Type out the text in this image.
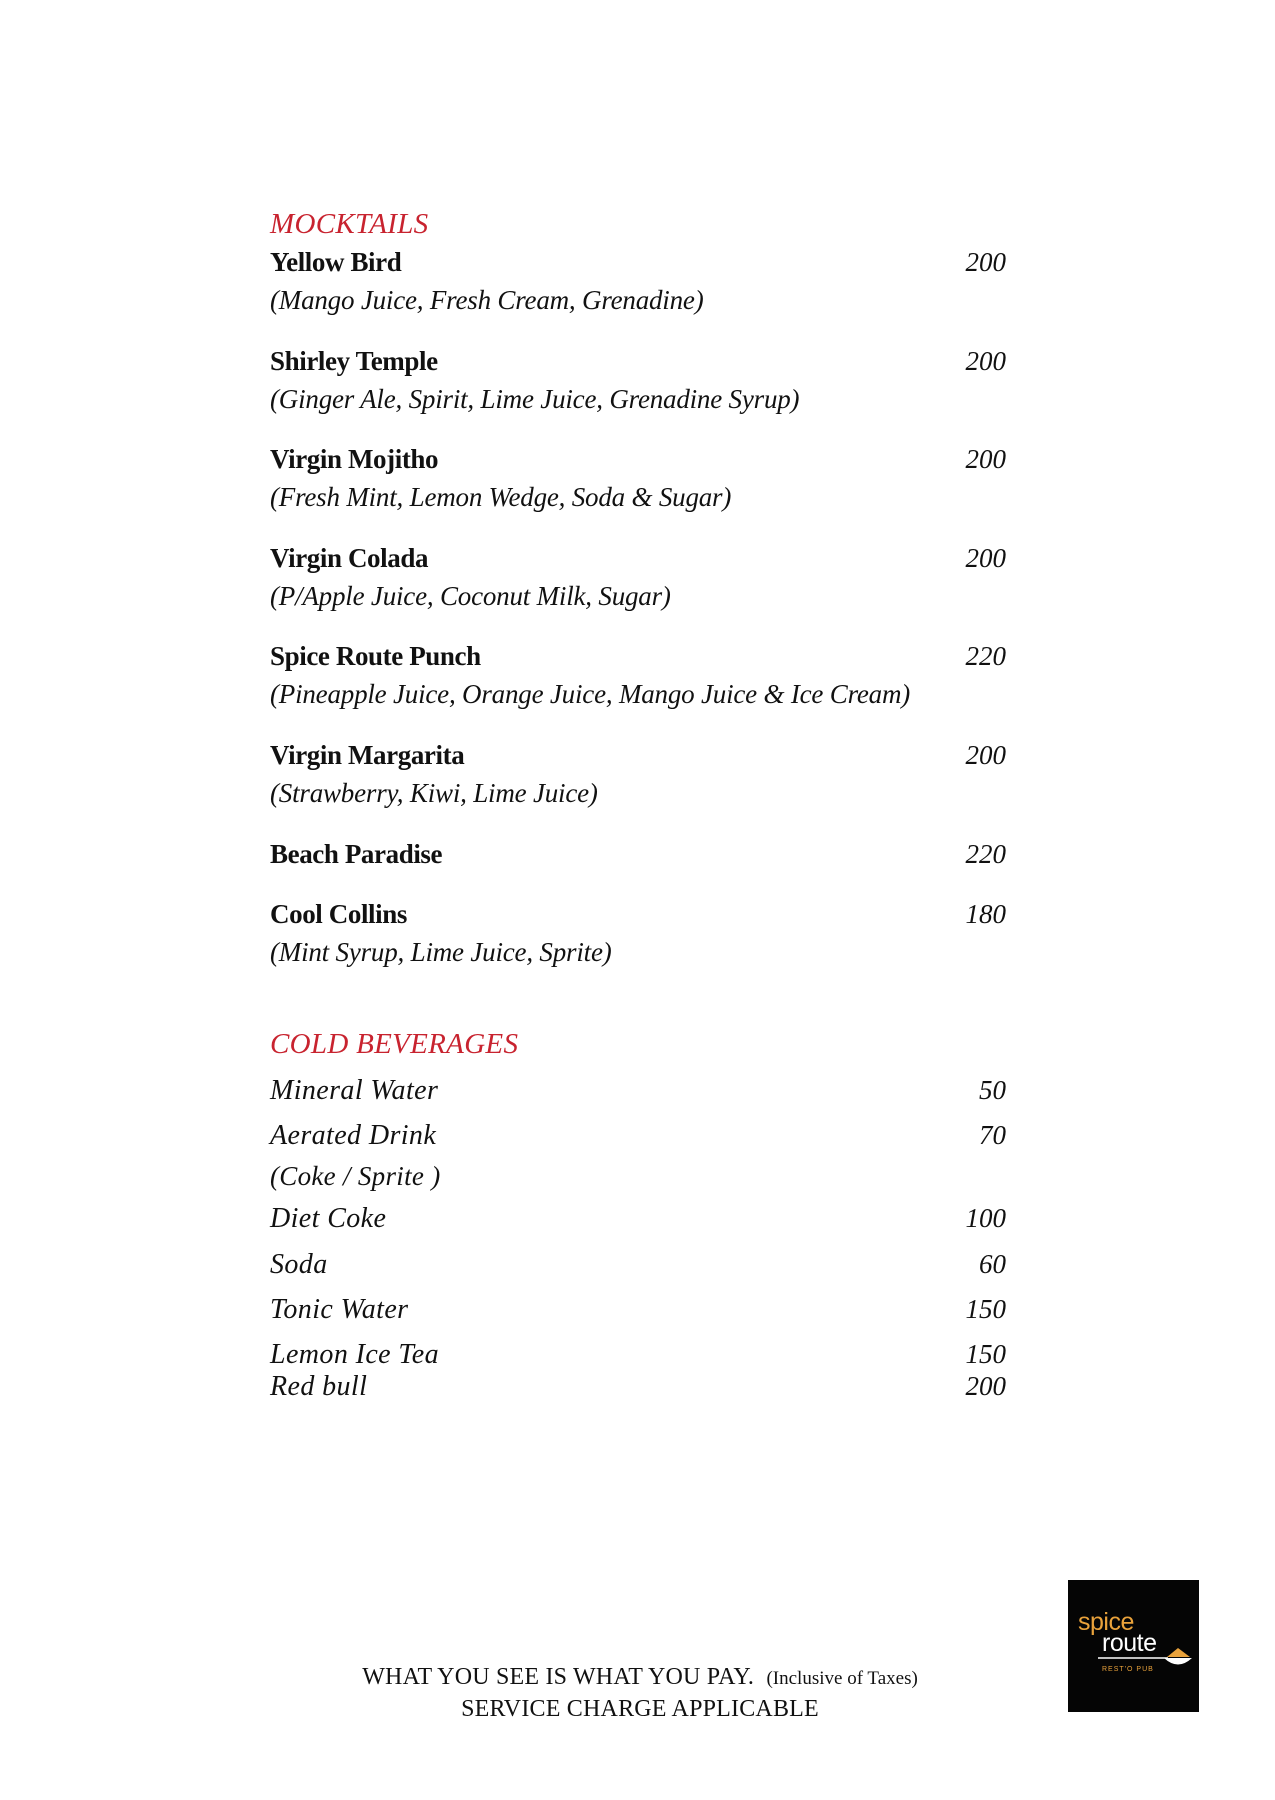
MOCKTAILS
Yellow Bird	200
(Mango Juice, Fresh Cream, Grenadine)
Shirley Temple	200
(Ginger Ale, Spirit, Lime Juice, Grenadine Syrup)
Virgin Mojitho	200
(Fresh Mint, Lemon Wedge, Soda & Sugar)
Virgin Colada	200
(P/Apple Juice, Coconut Milk, Sugar)
Spice Route Punch	220
(Pineapple Juice, Orange Juice, Mango Juice & Ice Cream)
Virgin Margarita	200
(Strawberry, Kiwi, Lime Juice)
Beach Paradise	220
Cool Collins	180
(Mint Syrup, Lime Juice, Sprite)
COLD BEVERAGES
Mineral Water	50
Aerated Drink	70
(Coke / Sprite )
Diet Coke	100
Soda	60
Tonic Water	150
Lemon Ice Tea	150
Red bull	200
WHAT YOU SEE IS WHAT YOU PAY. (Inclusive of Taxes)
SERVICE CHARGE APPLICABLE
spice
route
REST'O PUB
